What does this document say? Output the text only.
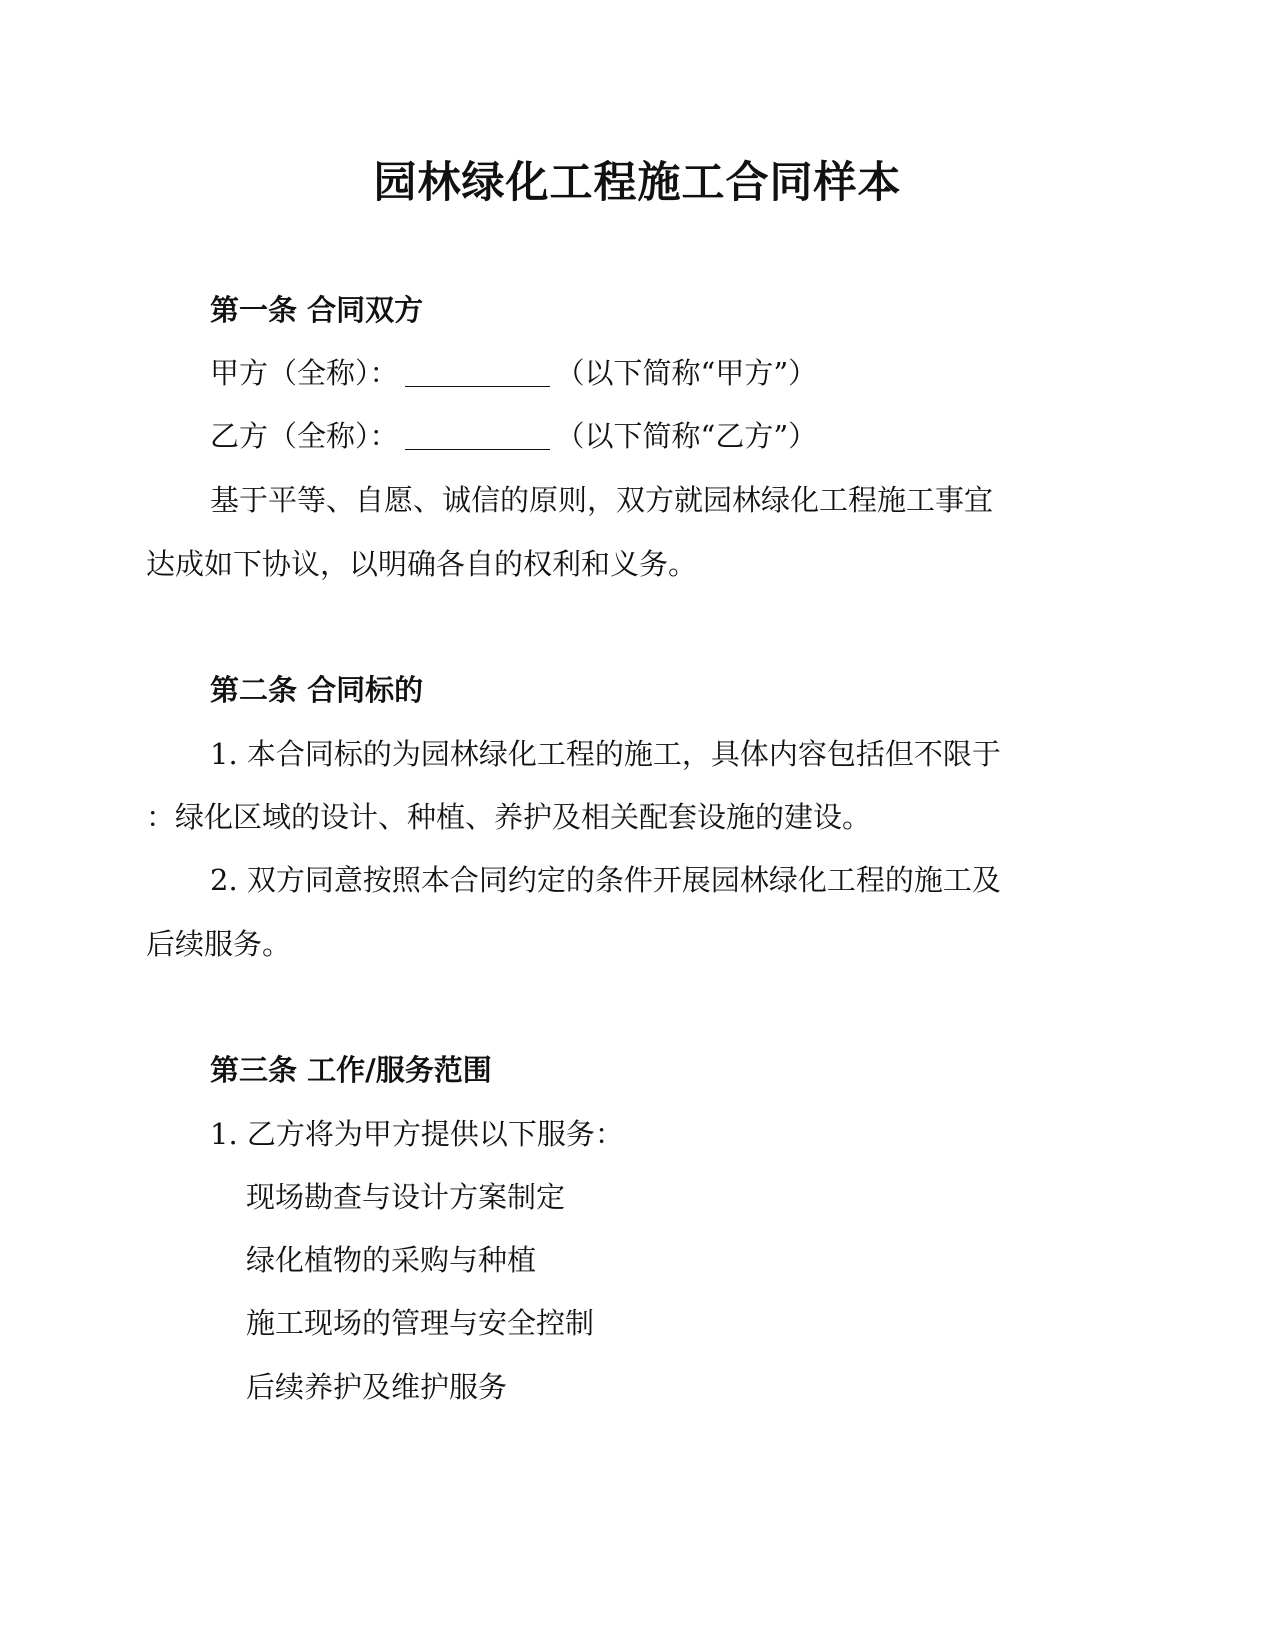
园林绿化工程施工合同样本
第一条 合同双方
甲方（全称）：	（以下简称“甲方”）
乙方（全称）：	（以下简称“乙方”）
基于平等、自愿、诚信的原则，双方就园林绿化工程施工事宜
达成如下协议，以明确各自的权利和义务。
第二条 合同标的
1. 本合同标的为园林绿化工程的施工，具体内容包括但不限于
：绿化区域的设计、种植、养护及相关配套设施的建设。
2. 双方同意按照本合同约定的条件开展园林绿化工程的施工及
后续服务。
第三条 工作/服务范围
1. 乙方将为甲方提供以下服务：
现场勘查与设计方案制定
绿化植物的采购与种植
施工现场的管理与安全控制
后续养护及维护服务
